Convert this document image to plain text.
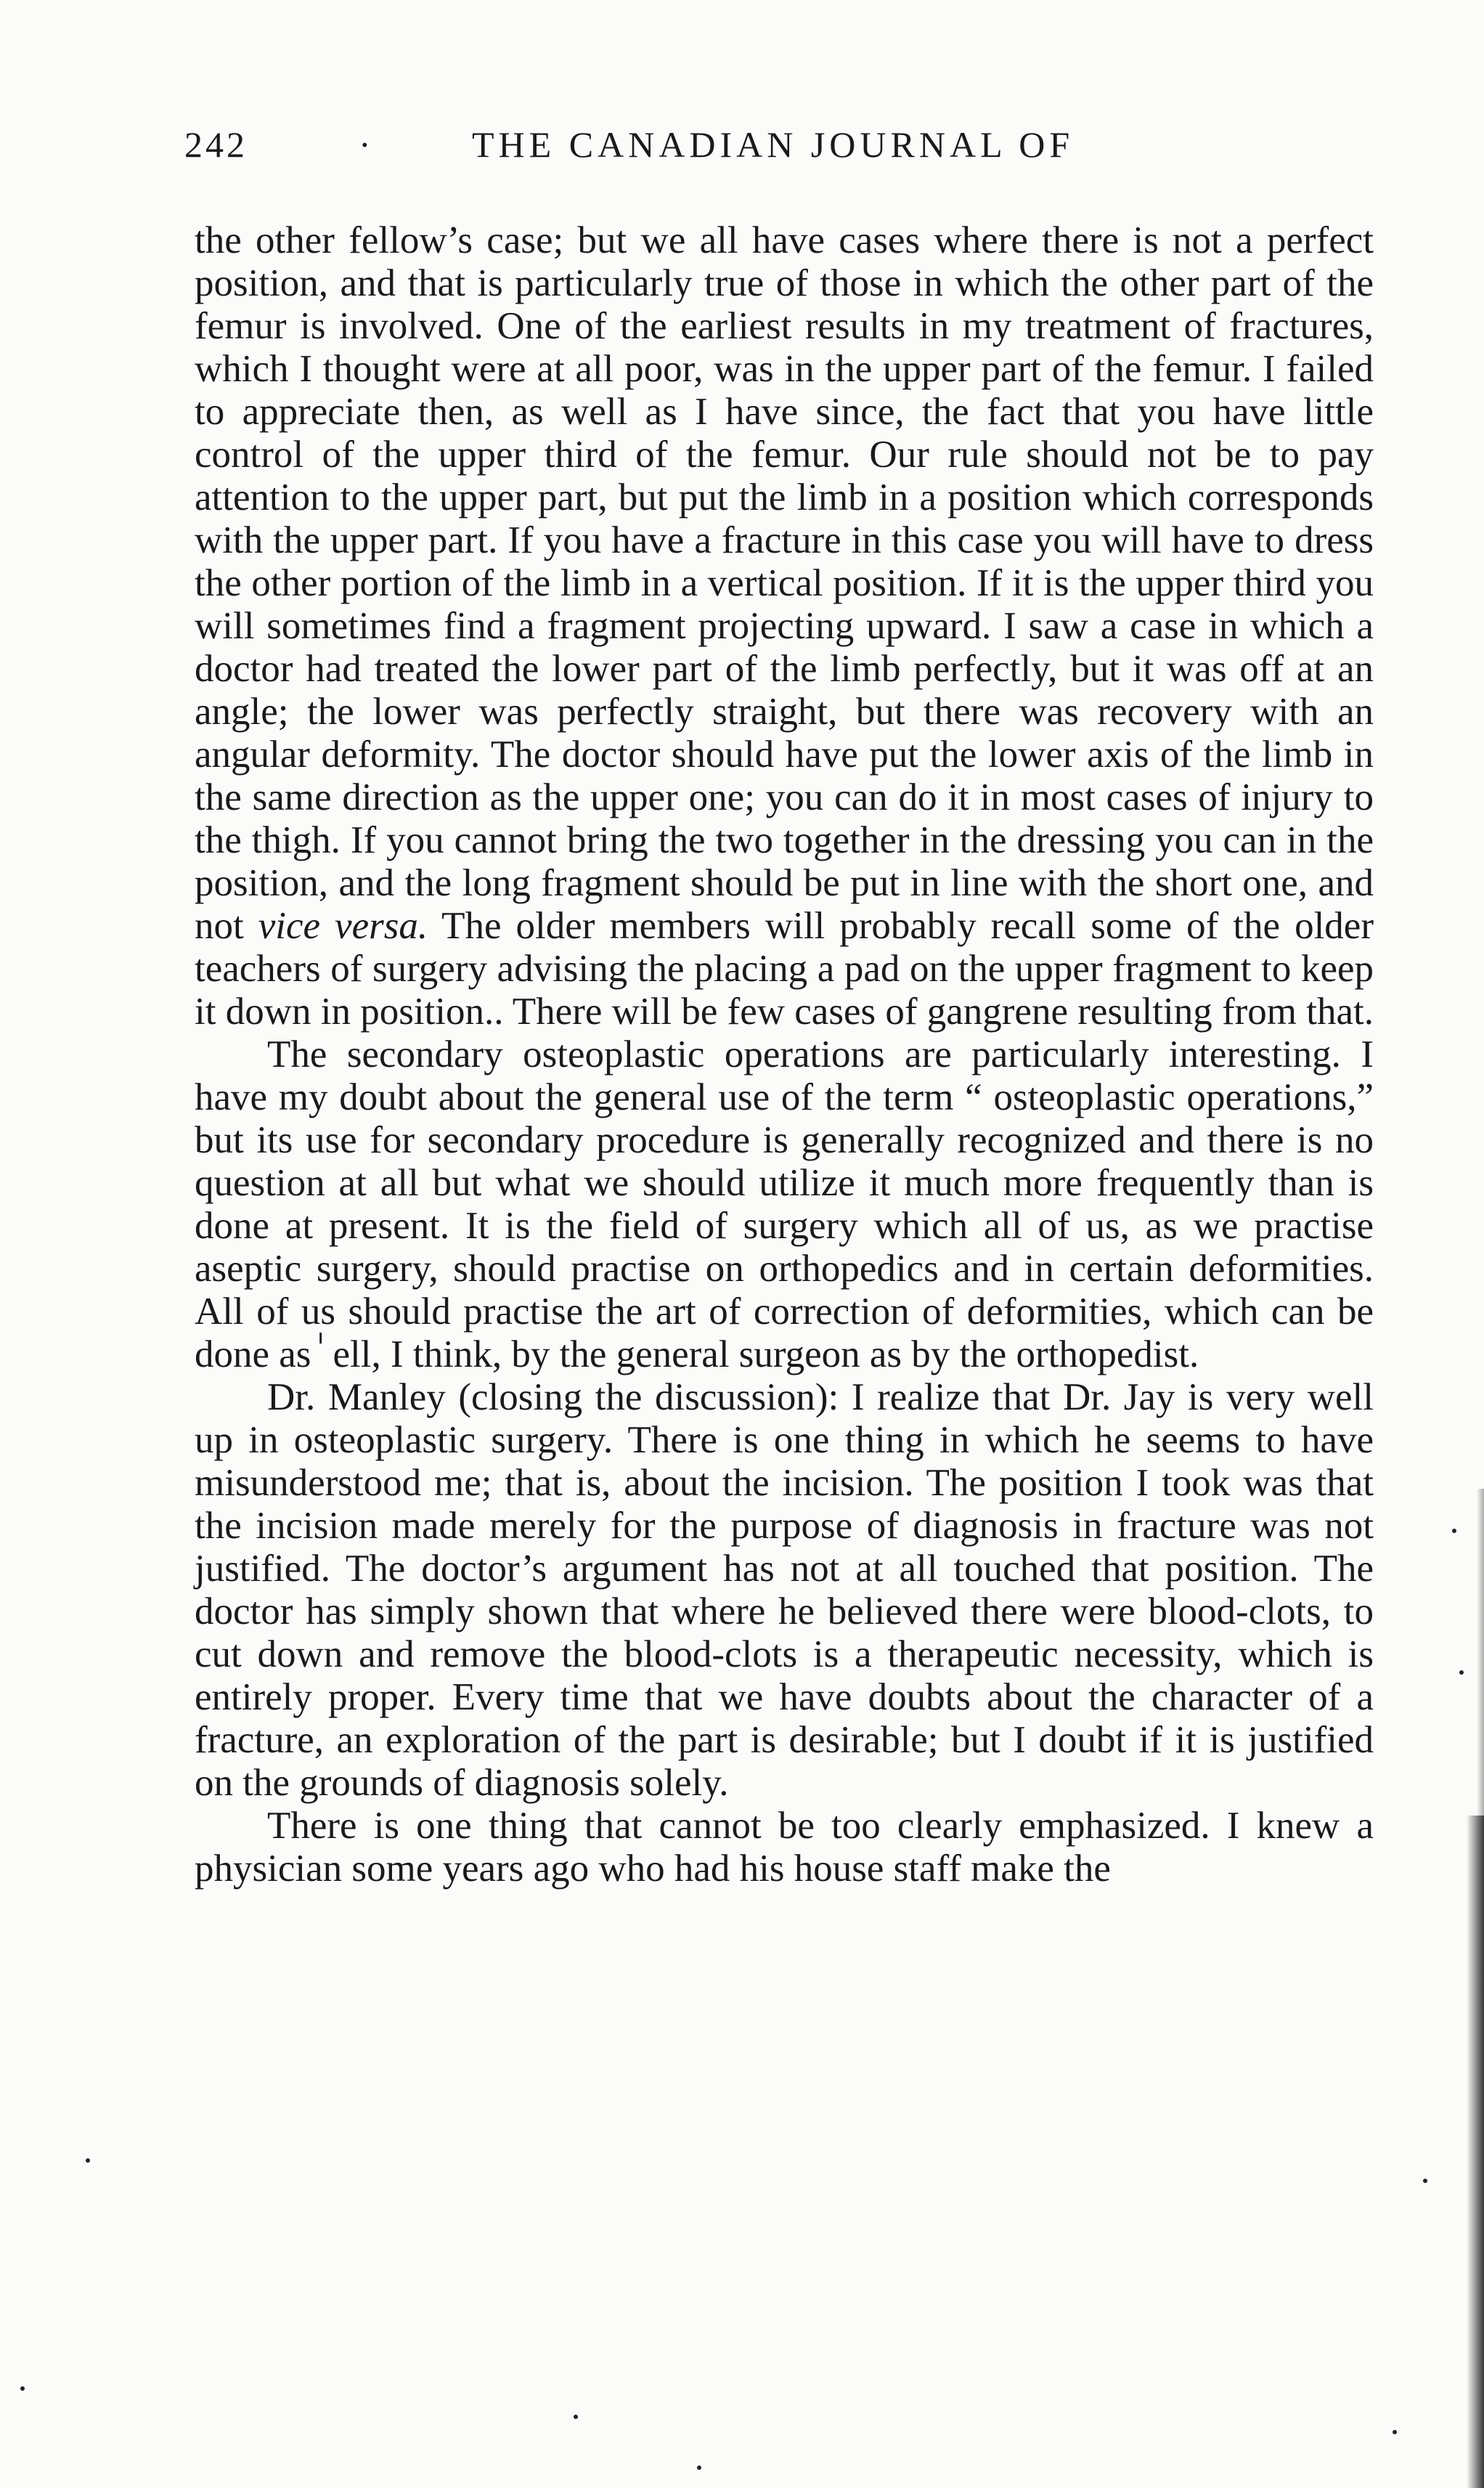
242	·	THE CANADIAN JOURNAL OF

the other fellow’s case; but we all have cases where there is not a perfect position, and that is particularly true of those in which the other part of the femur is involved. One of the earliest results in my treatment of fractures, which I thought were at all poor, was in the upper part of the femur. I failed to appreciate then, as well as I have since, the fact that you have little control of the upper third of the femur. Our rule should not be to pay attention to the upper part, but put the limb in a position which corresponds with the upper part. If you have a fracture in this case you will have to dress the other portion of the limb in a vertical position. If it is the upper third you will sometimes find a fragment projecting upward. I saw a case in which a doctor had treated the lower part of the limb perfectly, but it was off at an angle; the lower was perfectly straight, but there was recovery with an angular deformity. The doctor should have put the lower axis of the limb in the same direction as the upper one; you can do it in most cases of injury to the thigh. If you cannot bring the two together in the dressing you can in the position, and the long fragment should be put in line with the short one, and not vice versa. The older members will probably recall some of the older teachers of surgery advising the placing a pad on the upper fragment to keep it down in position.. There will be few cases of gangrene resulting from that.

The secondary osteoplastic operations are particularly interesting. I have my doubt about the general use of the term “ osteoplastic operations,” but its use for secondary procedure is generally recognized and there is no question at all but what we should utilize it much more frequently than is done at present. It is the field of surgery which all of us, as we practise aseptic surgery, should practise on orthopedics and in certain deformities. All of us should practise the art of correction of deformities, which can be done as ٰ ell, I think, by the general surgeon as by the orthopedist.

Dr. Manley (closing the discussion): I realize that Dr. Jay is very well up in osteoplastic surgery. There is one thing in which he seems to have misunderstood me; that is, about the incision. The position I took was that the incision made merely for the purpose of diagnosis in fracture was not justified. The doctor’s argument has not at all touched that position. The doctor has simply shown that where he believed there were blood-clots, to cut down and remove the blood-clots is a therapeutic necessity, which is entirely proper. Every time that we have doubts about the character of a fracture, an exploration of the part is desirable; but I doubt if it is justified on the grounds of diagnosis solely.

There is one thing that cannot be too clearly emphasized. I knew a physician some years ago who had his house staff make the
